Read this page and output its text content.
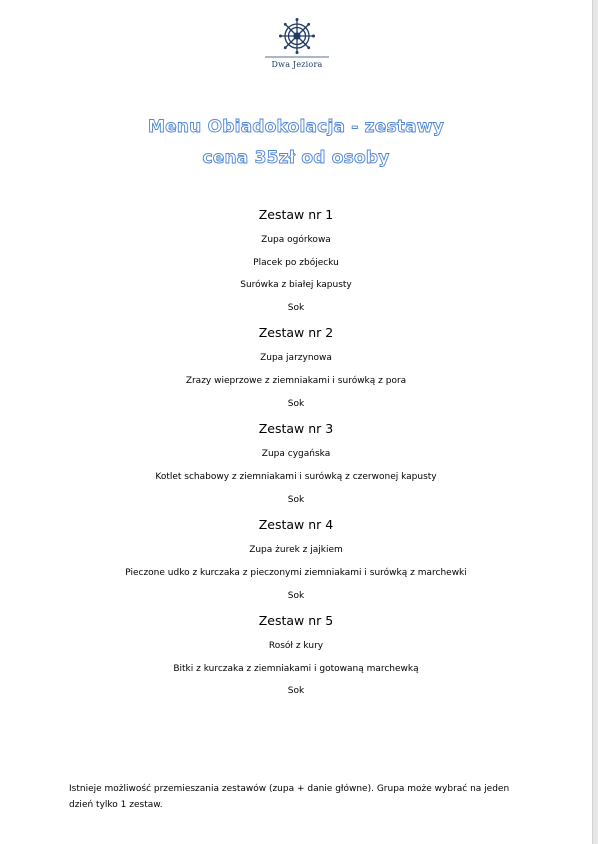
Dwa Jeziora
Menu Obiadokolacja - zestawy
cena 35zł od osoby
Zestaw nr 1
Zupa ogórkowa
Placek po zbójecku
Surówka z białej kapusty
Sok
Zestaw nr 2
Zupa jarzynowa
Zrazy wieprzowe z ziemniakami i surówką z pora
Sok
Zestaw nr 3
Zupa cygańska
Kotlet schabowy z ziemniakami i surówką z czerwonej kapusty
Sok
Zestaw nr 4
Zupa żurek z jajkiem
Pieczone udko z kurczaka z pieczonymi ziemniakami i surówką z marchewki
Sok
Zestaw nr 5
Rosół z kury
Bitki z kurczaka z ziemniakami i gotowaną marchewką
Sok
Istnieje możliwość przemieszania zestawów (zupa + danie główne). Grupa może wybrać na jeden dzień tylko 1 zestaw.
